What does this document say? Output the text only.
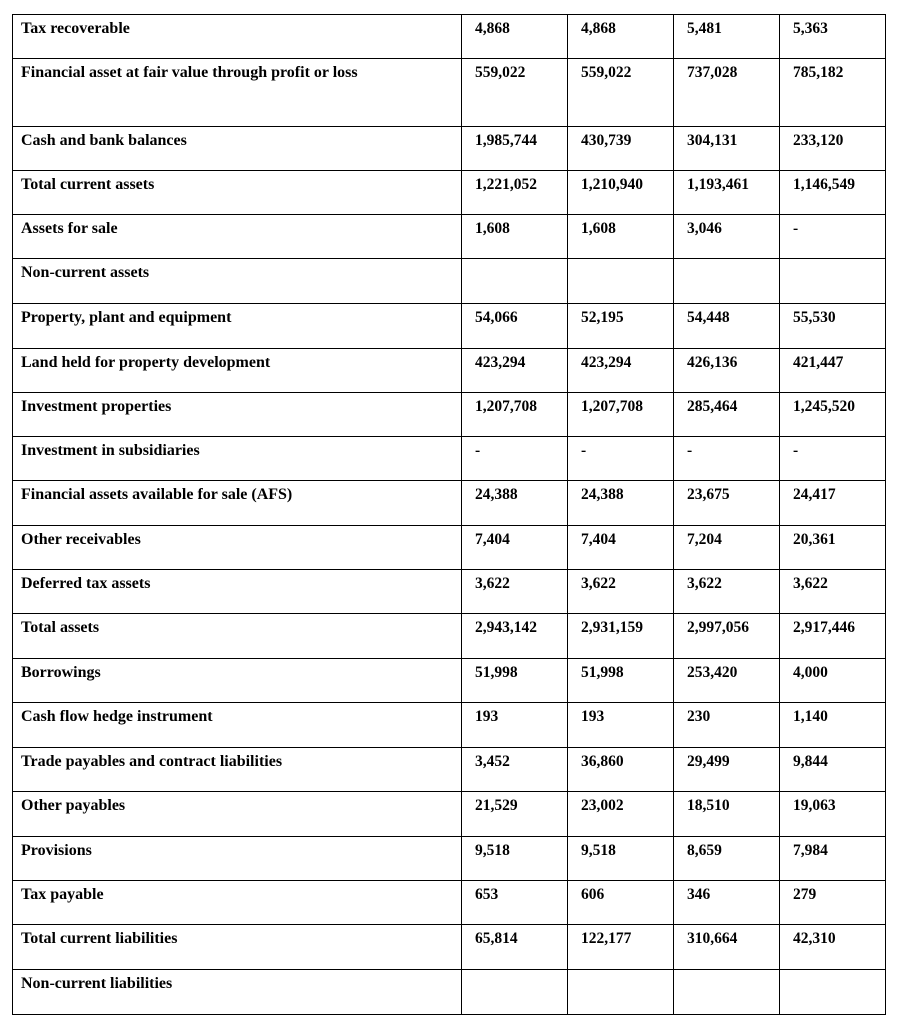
Tax recoverable	4,868	4,868	5,481	5,363
Financial asset at fair value through profit or loss	559,022	559,022	737,028	785,182
Cash and bank balances	1,985,744	430,739	304,131	233,120
Total current assets	1,221,052	1,210,940	1,193,461	1,146,549
Assets for sale	1,608	1,608	3,046	-
Non-current assets				
Property, plant and equipment	54,066	52,195	54,448	55,530
Land held for property development	423,294	423,294	426,136	421,447
Investment properties	1,207,708	1,207,708	285,464	1,245,520
Investment in subsidiaries	-	-	-	-
Financial assets available for sale (AFS)	24,388	24,388	23,675	24,417
Other receivables	7,404	7,404	7,204	20,361
Deferred tax assets	3,622	3,622	3,622	3,622
Total assets	2,943,142	2,931,159	2,997,056	2,917,446
Borrowings	51,998	51,998	253,420	4,000
Cash flow hedge instrument	193	193	230	1,140
Trade payables and contract liabilities	3,452	36,860	29,499	9,844
Other payables	21,529	23,002	18,510	19,063
Provisions	9,518	9,518	8,659	7,984
Tax payable	653	606	346	279
Total current liabilities	65,814	122,177	310,664	42,310
Non-current liabilities				
